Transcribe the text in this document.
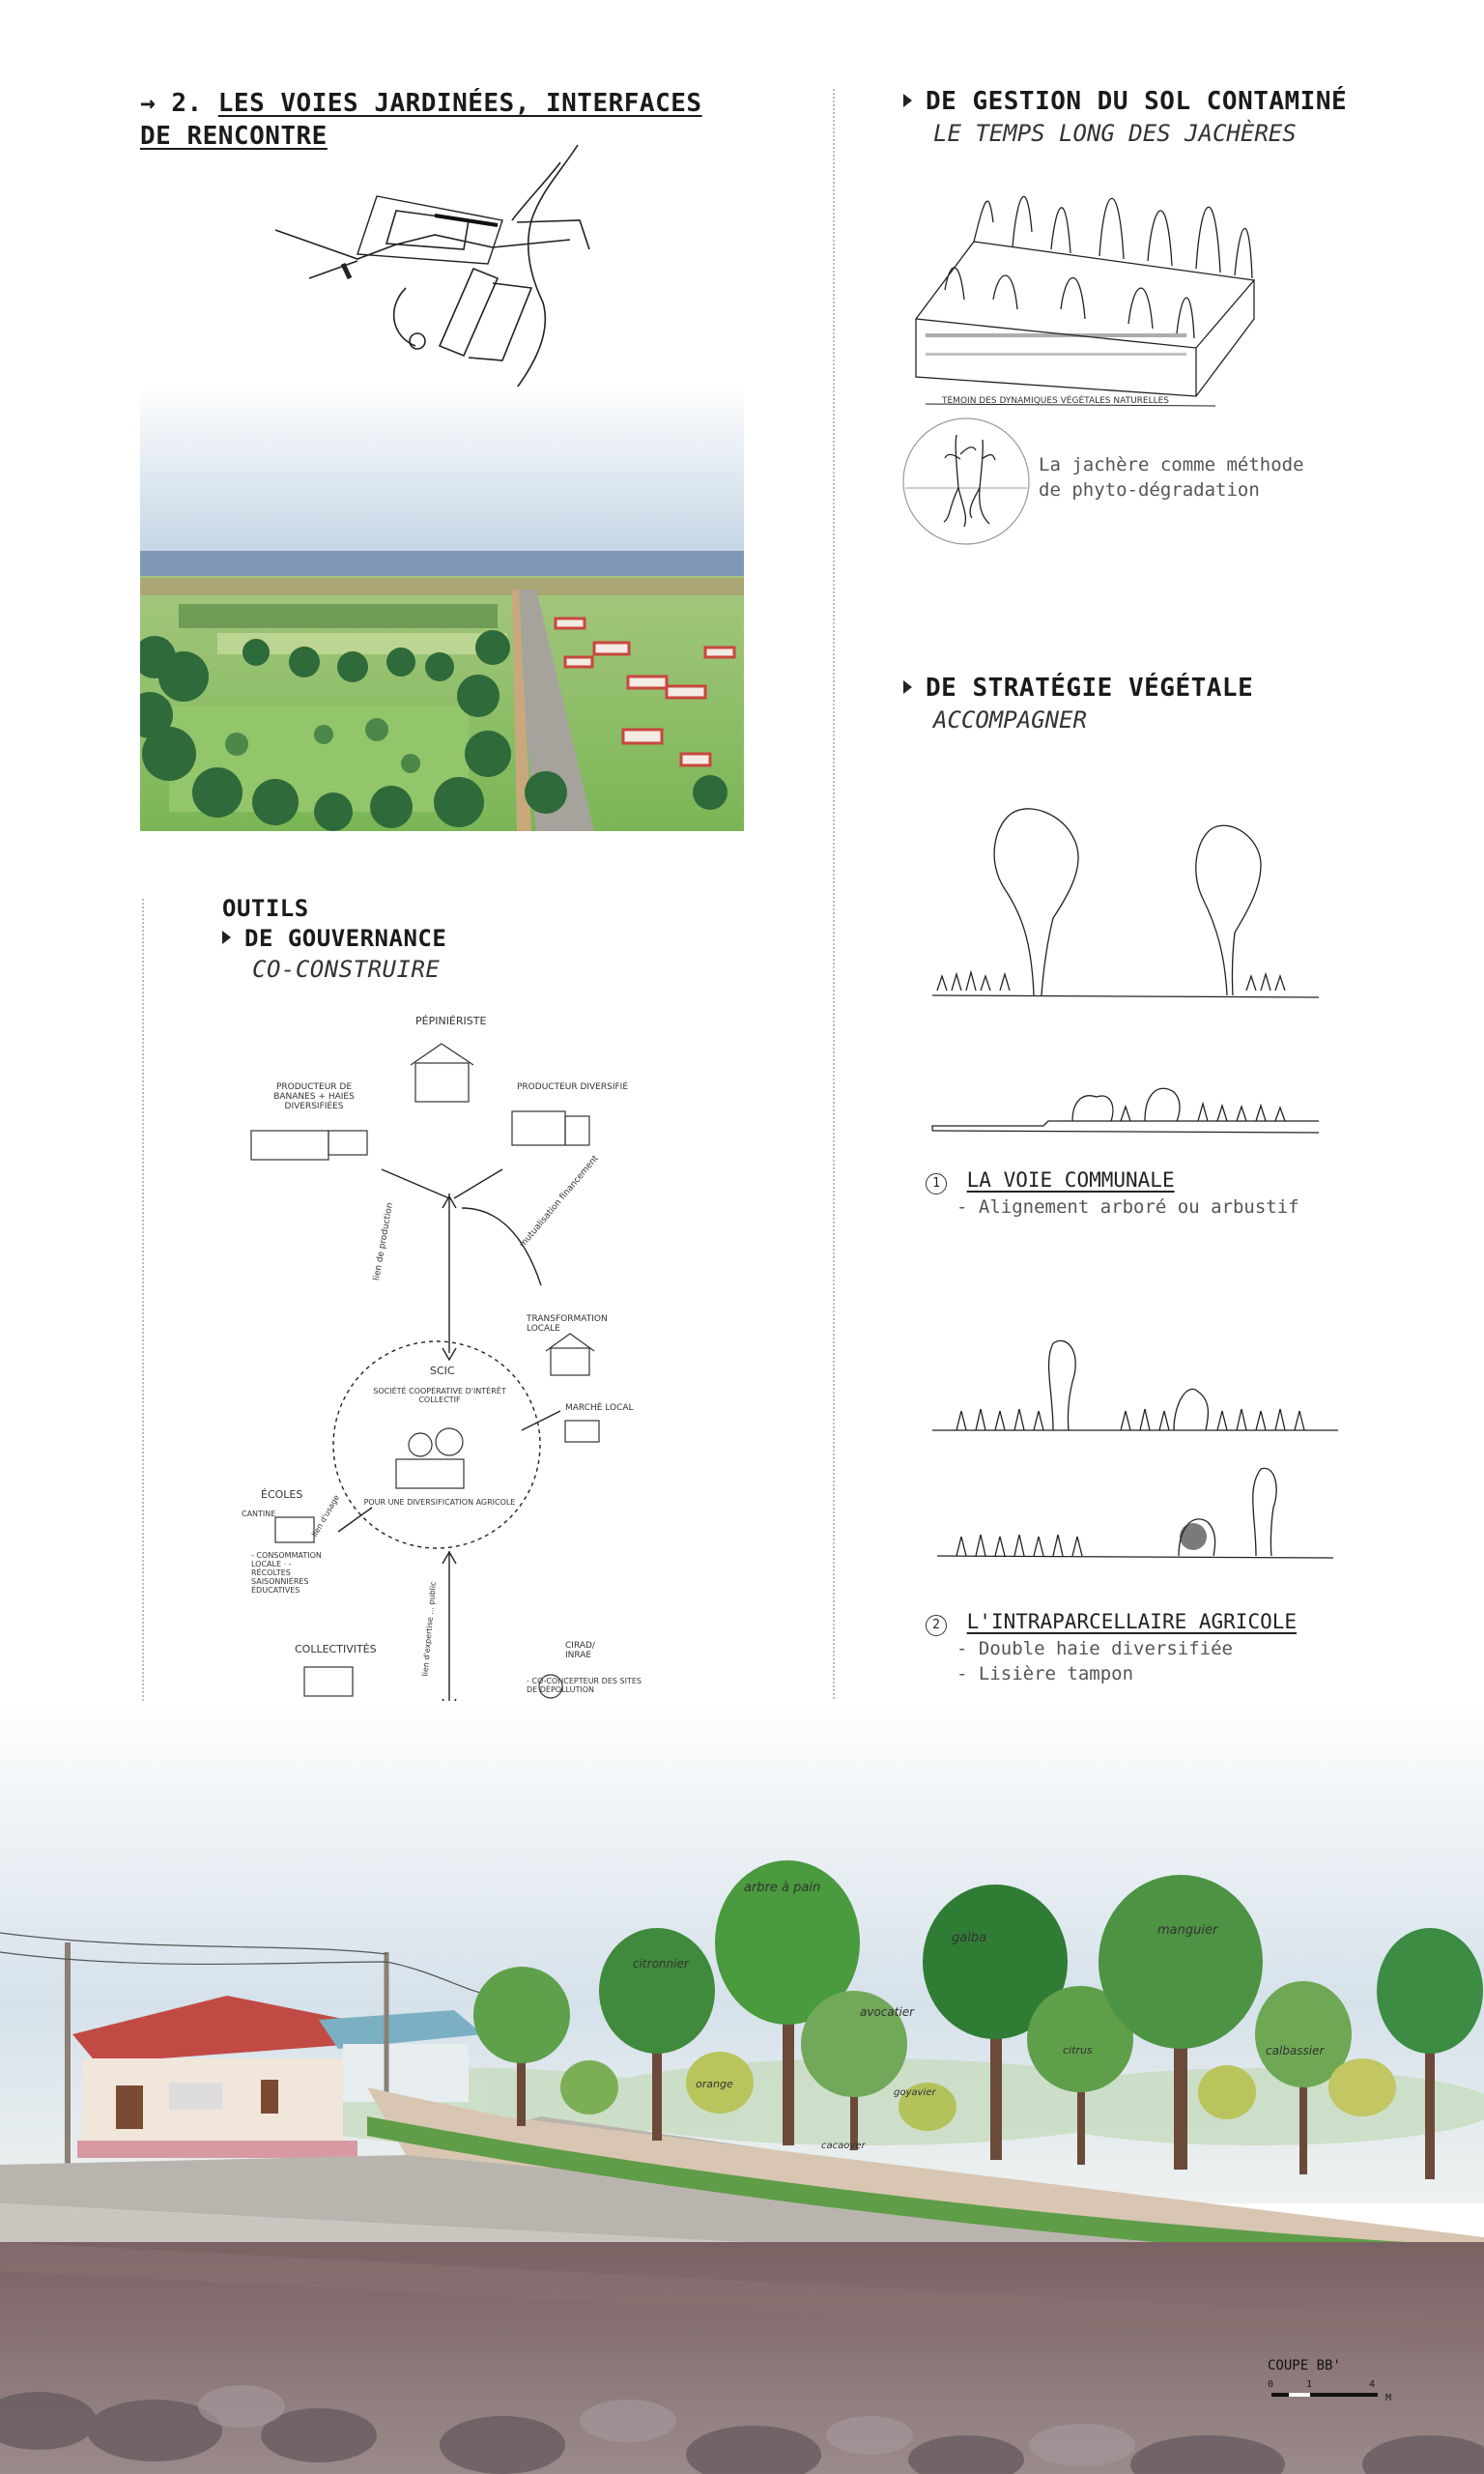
→ 2. LES VOIES JARDINÉES, INTERFACES
DE RENCONTRE
OUTILS
DE GOUVERNANCE
CO-CONSTRUIRE
PÉPINIÉRISTE
PRODUCTEUR DE BANANES + HAIES DIVERSIFIÉES
PRODUCTEUR DIVERSIFIÉ
lien de production	mutualisation financement
TRANSFORMATION LOCALE
MARCHÉ LOCAL
SCIC
SOCIÉTÉ COOPÉRATIVE D'INTÉRÊT COLLECTIF
POUR UNE DIVERSIFICATION AGRICOLE
ÉCOLES
CANTINE	lien d'usage
- CONSOMMATION LOCALE · - RÉCOLTES SAISONNIÈRES ÉDUCATIVES	lien d'expertise ... public
COLLECTIVITÉS	CIRAD/ INRAE
- CO-CONCEPTEUR DES SITES DE DÉPOLLUTION
DE GESTION DU SOL CONTAMINÉ
LE TEMPS LONG DES JACHÈRES
TÉMOIN DES DYNAMIQUES VÉGÉTALES NATURELLES
La jachère comme méthode
de phyto-dégradation
DE STRATÉGIE VÉGÉTALE
ACCOMPAGNER
1 LA VOIE COMMUNALE
- Alignement arboré ou arbustif
2 L'INTRAPARCELLAIRE AGRICOLE
- Double haie diversifiée
- Lisière tampon
arbre à pain
galba
manguier
citronnier
avocatier
calbassier
orange
citrus
cacaoyer
goyavier
COUPE BB'
0	1	4
M
